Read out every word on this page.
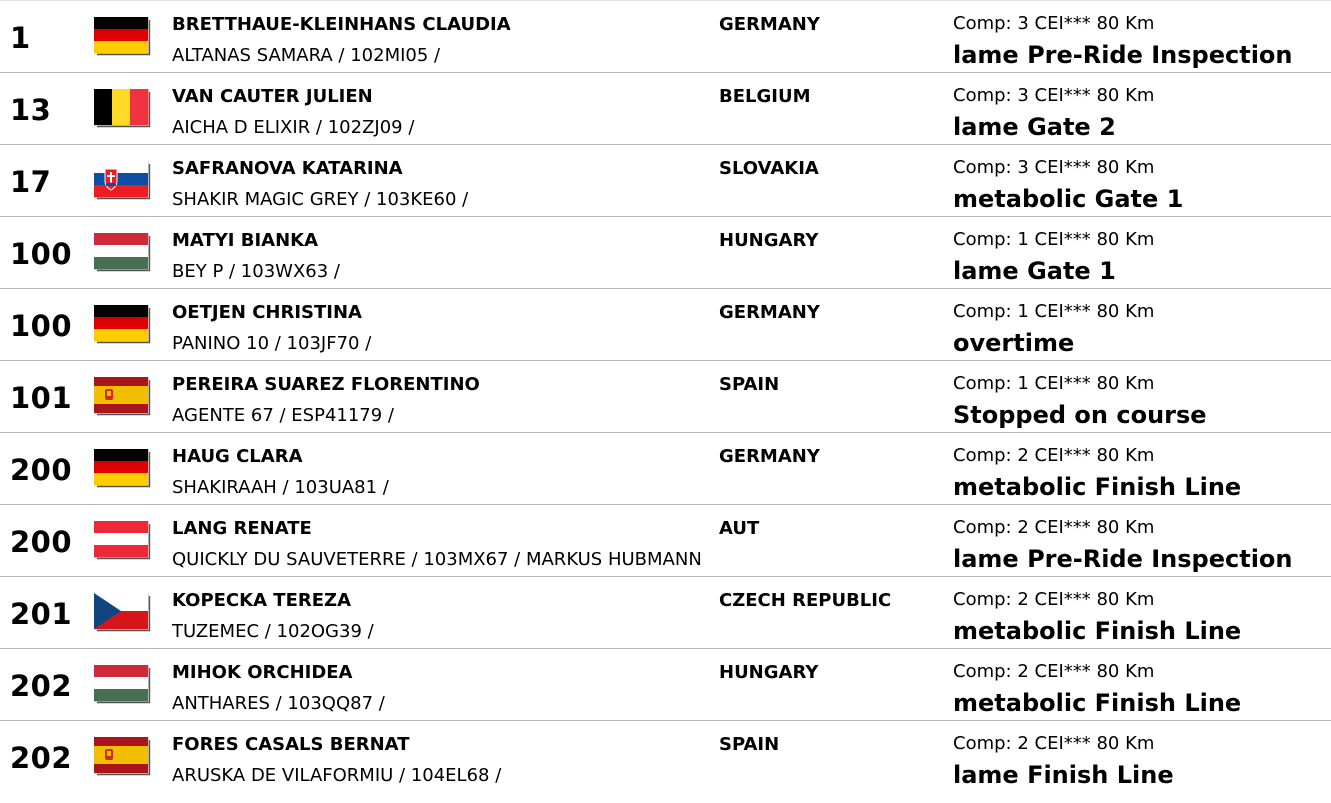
1	BRETTHAUE-KLEINHANS CLAUDIA
ALTANAS SAMARA / 102MI05 /
GERMANY	Comp: 3 CEI*** 80 Km
lame Pre-Ride Inspection
13	VAN CAUTER JULIEN
AICHA D ELIXIR / 102ZJ09 /
BELGIUM	Comp: 3 CEI*** 80 Km
lame Gate 2
17	SAFRANOVA KATARINA
SHAKIR MAGIC GREY / 103KE60 /
SLOVAKIA	Comp: 3 CEI*** 80 Km
metabolic Gate 1
100	MATYI BIANKA
BEY P / 103WX63 /
HUNGARY	Comp: 1 CEI*** 80 Km
lame Gate 1
100	OETJEN CHRISTINA
PANINO 10 / 103JF70 /
GERMANY	Comp: 1 CEI*** 80 Km
overtime
101	PEREIRA SUAREZ FLORENTINO
AGENTE 67 / ESP41179 /
SPAIN	Comp: 1 CEI*** 80 Km
Stopped on course
200	HAUG CLARA
SHAKIRAAH / 103UA81 /
GERMANY	Comp: 2 CEI*** 80 Km
metabolic Finish Line
200	LANG RENATE
QUICKLY DU SAUVETERRE / 103MX67 / MARKUS HUBMANN
AUT	Comp: 2 CEI*** 80 Km
lame Pre-Ride Inspection
201	KOPECKA TEREZA
TUZEMEC / 102OG39 /
CZECH REPUBLIC	Comp: 2 CEI*** 80 Km
metabolic Finish Line
202	MIHOK ORCHIDEA
ANTHARES / 103QQ87 /
HUNGARY	Comp: 2 CEI*** 80 Km
metabolic Finish Line
202	FORES CASALS BERNAT
ARUSKA DE VILAFORMIU / 104EL68 /
SPAIN	Comp: 2 CEI*** 80 Km
lame Finish Line
